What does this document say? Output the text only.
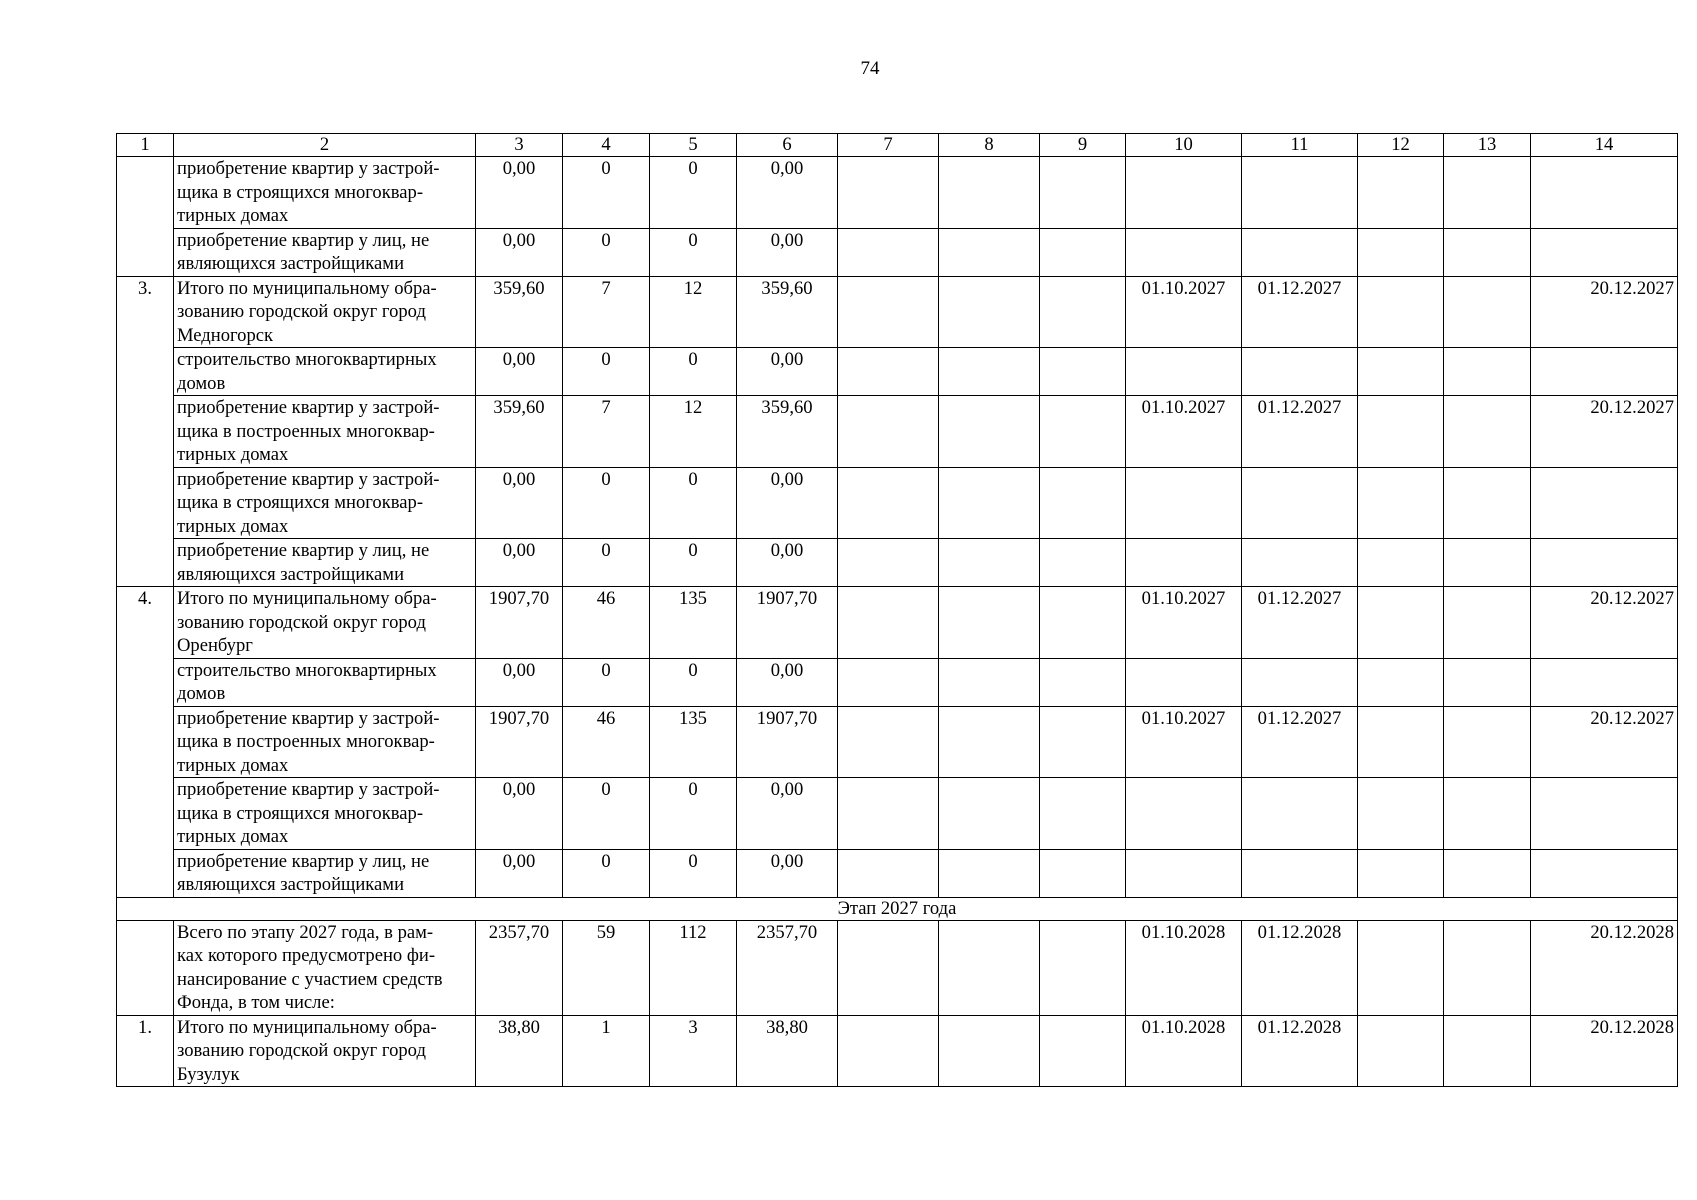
74
1	2	3	4	5	6	7	8	9	10	11	12	13	14
	приобретение квартир у застрой-
щика в строящихся многоквар-
тирных домах	0,00	0	0	0,00								
	приобретение квартир у лиц, не
являющихся застройщиками	0,00	0	0	0,00								
3.	Итого по муниципальному обра-
зованию городской округ город
Медногорск	359,60	7	12	359,60				01.10.2027	01.12.2027			20.12.2027
	строительство многоквартирных
домов	0,00	0	0	0,00								
	приобретение квартир у застрой-
щика в построенных многоквар-
тирных домах	359,60	7	12	359,60				01.10.2027	01.12.2027			20.12.2027
	приобретение квартир у застрой-
щика в строящихся многоквар-
тирных домах	0,00	0	0	0,00								
	приобретение квартир у лиц, не
являющихся застройщиками	0,00	0	0	0,00								
4.	Итого по муниципальному обра-
зованию городской округ город
Оренбург	1907,70	46	135	1907,70				01.10.2027	01.12.2027			20.12.2027
	строительство многоквартирных
домов	0,00	0	0	0,00								
	приобретение квартир у застрой-
щика в построенных многоквар-
тирных домах	1907,70	46	135	1907,70				01.10.2027	01.12.2027			20.12.2027
	приобретение квартир у застрой-
щика в строящихся многоквар-
тирных домах	0,00	0	0	0,00								
	приобретение квартир у лиц, не
являющихся застройщиками	0,00	0	0	0,00								
Этап 2027 года													
	Всего по этапу 2027 года, в рам-
ках которого предусмотрено фи-
нансирование с участием средств
Фонда, в том числе:	2357,70	59	112	2357,70				01.10.2028	01.12.2028			20.12.2028
1.	Итого по муниципальному обра-
зованию городской округ город
Бузулук	38,80	1	3	38,80				01.10.2028	01.12.2028			20.12.2028
